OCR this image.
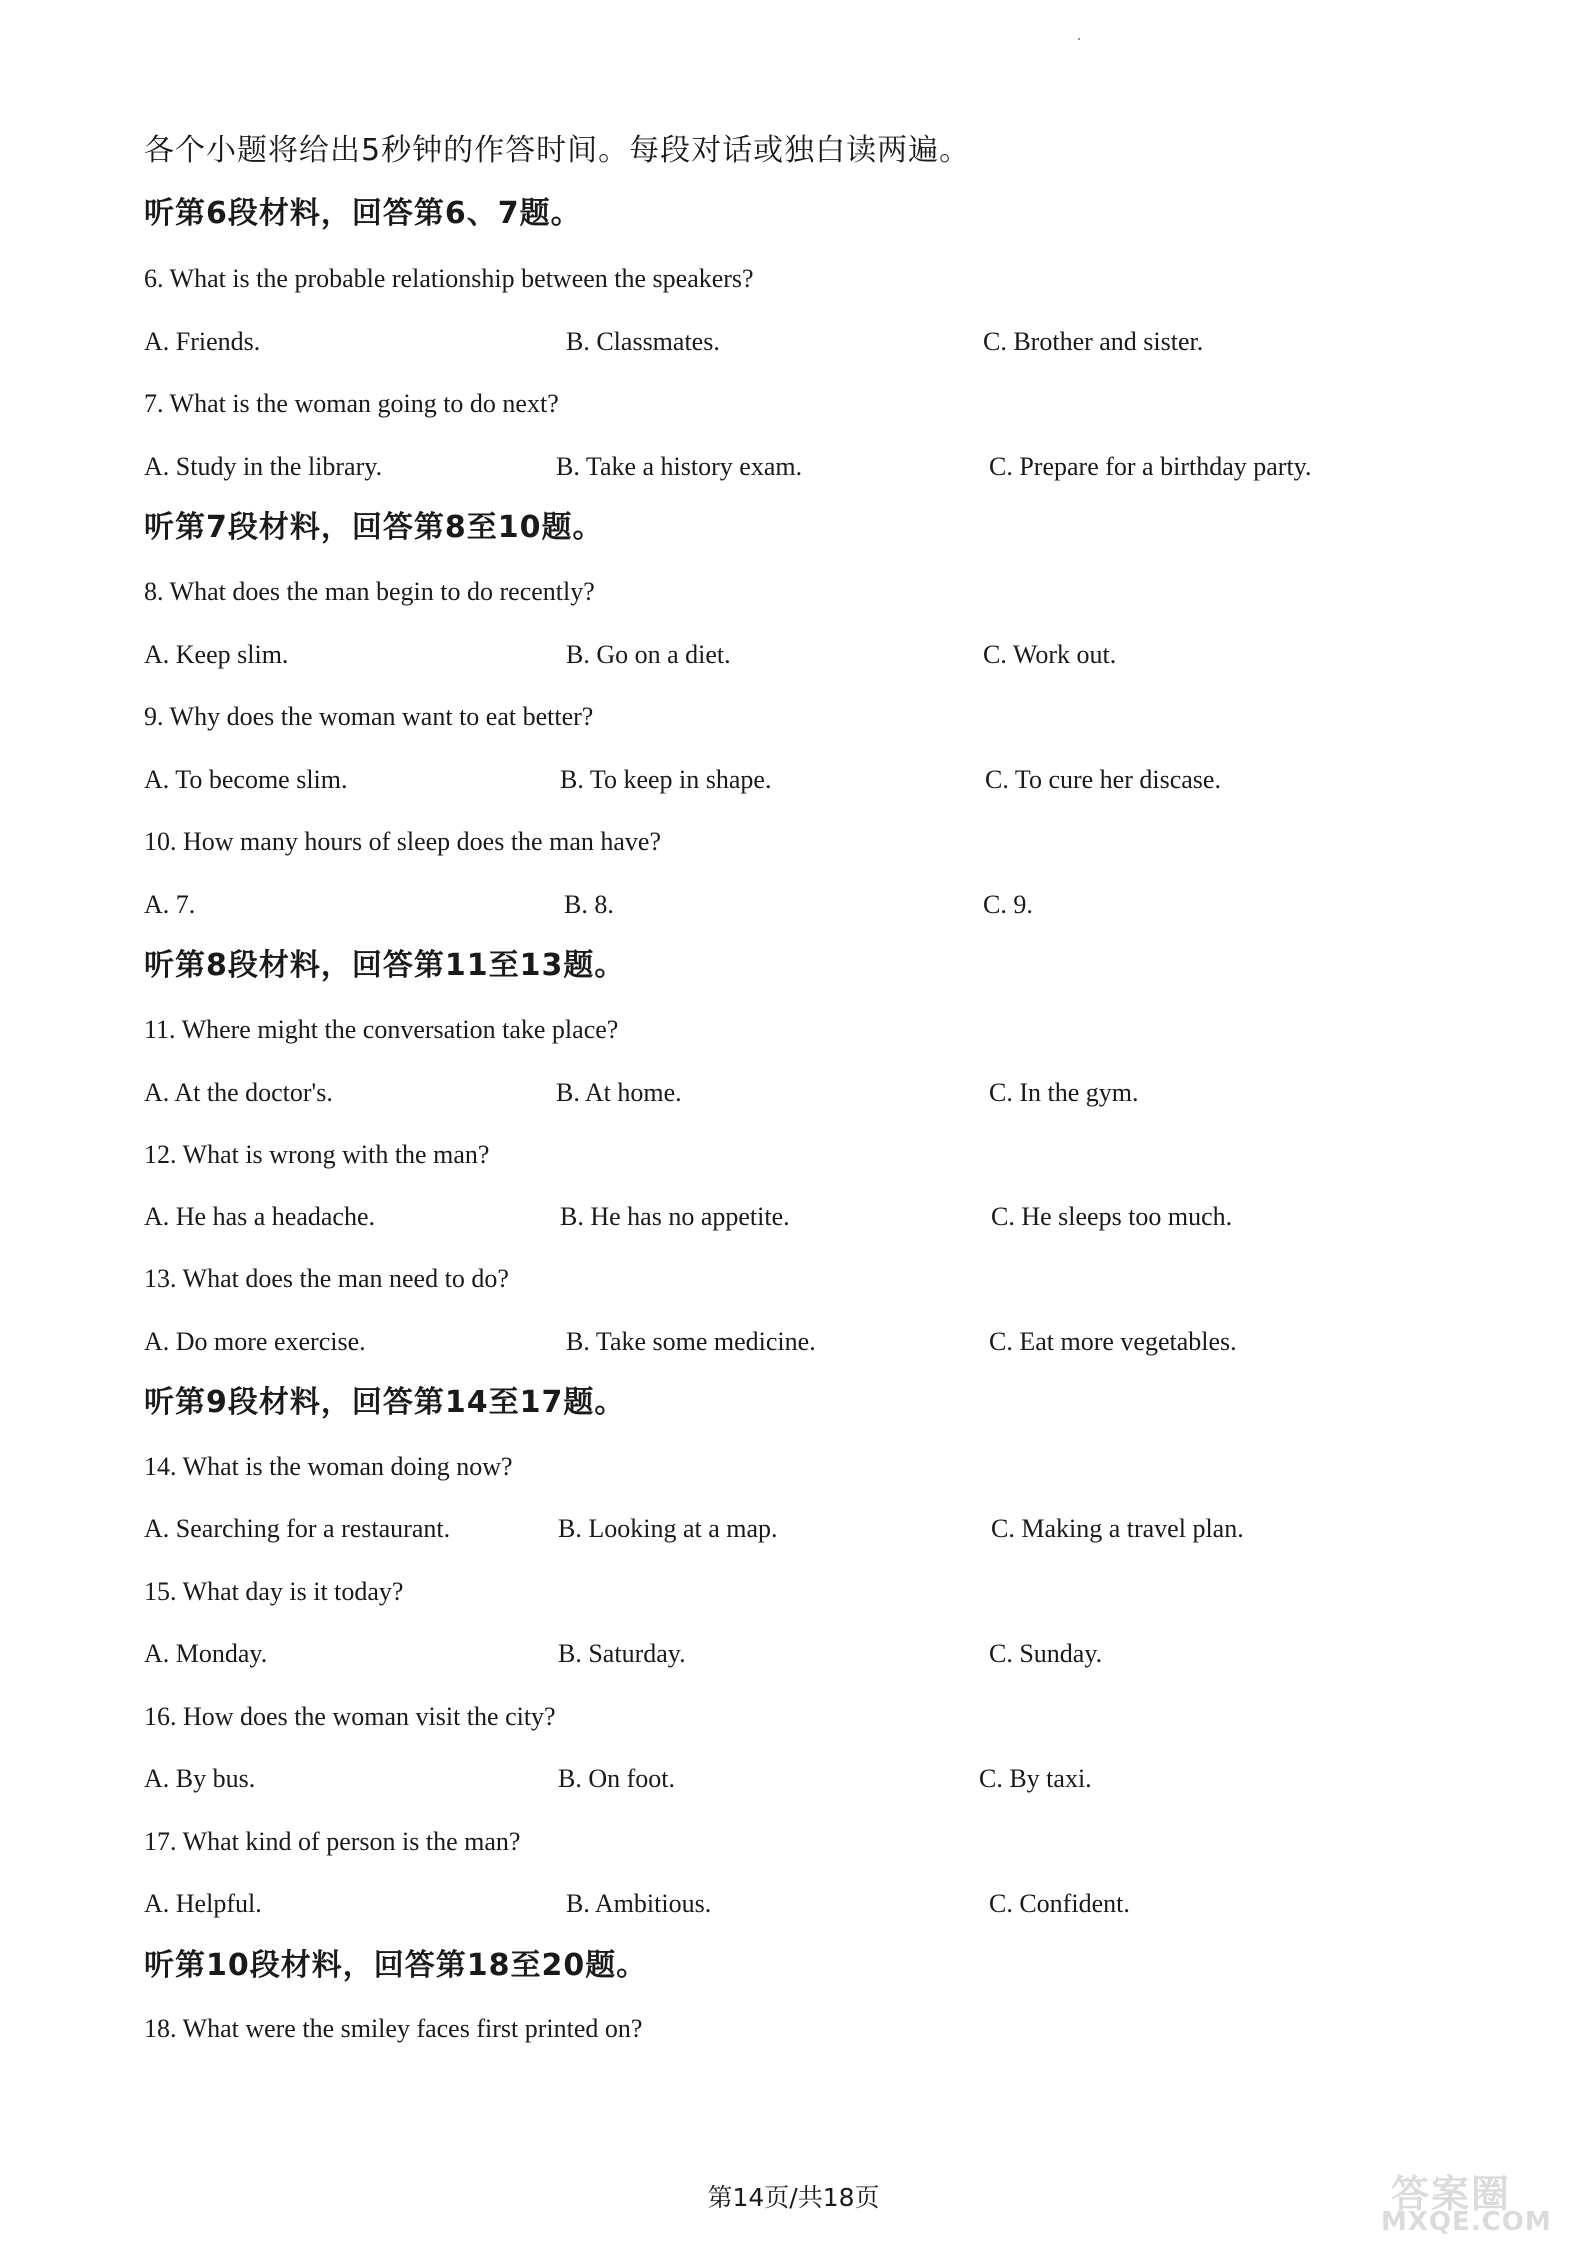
各个小题将给出5秒钟的作答时间。每段对话或独白读两遍。
听第6段材料，回答第6、7题。
6. What is the probable relationship between the speakers?
A. Friends.	B. Classmates.	C. Brother and sister.
7. What is the woman going to do next?
A. Study in the library.	B. Take a history exam.	C. Prepare for a birthday party.
听第7段材料，回答第8至10题。
8. What does the man begin to do recently?
A. Keep slim.	B. Go on a diet.	C. Work out.
9. Why does the woman want to eat better?
A. To become slim.	B. To keep in shape.	C. To cure her discase.
10. How many hours of sleep does the man have?
A. 7.	B. 8.	C. 9.
听第8段材料，回答第11至13题。
11. Where might the conversation take place?
A. At the doctor's.	B. At home.	C. In the gym.
12. What is wrong with the man?
A. He has a headache.	B. He has no appetite.	C. He sleeps too much.
13. What does the man need to do?
A. Do more exercise.	B. Take some medicine.	C. Eat more vegetables.
听第9段材料，回答第14至17题。
14. What is the woman doing now?
A. Searching for a restaurant.	B. Looking at a map.	C. Making a travel plan.
15. What day is it today?
A. Monday.	B. Saturday.	C. Sunday.
16. How does the woman visit the city?
A. By bus.	B. On foot.	C. By taxi.
17. What kind of person is the man?
A. Helpful.	B. Ambitious.	C. Confident.
听第10段材料，回答第18至20题。
18. What were the smiley faces first printed on?
第14页/共18页	答案圈
MXQE.COM
